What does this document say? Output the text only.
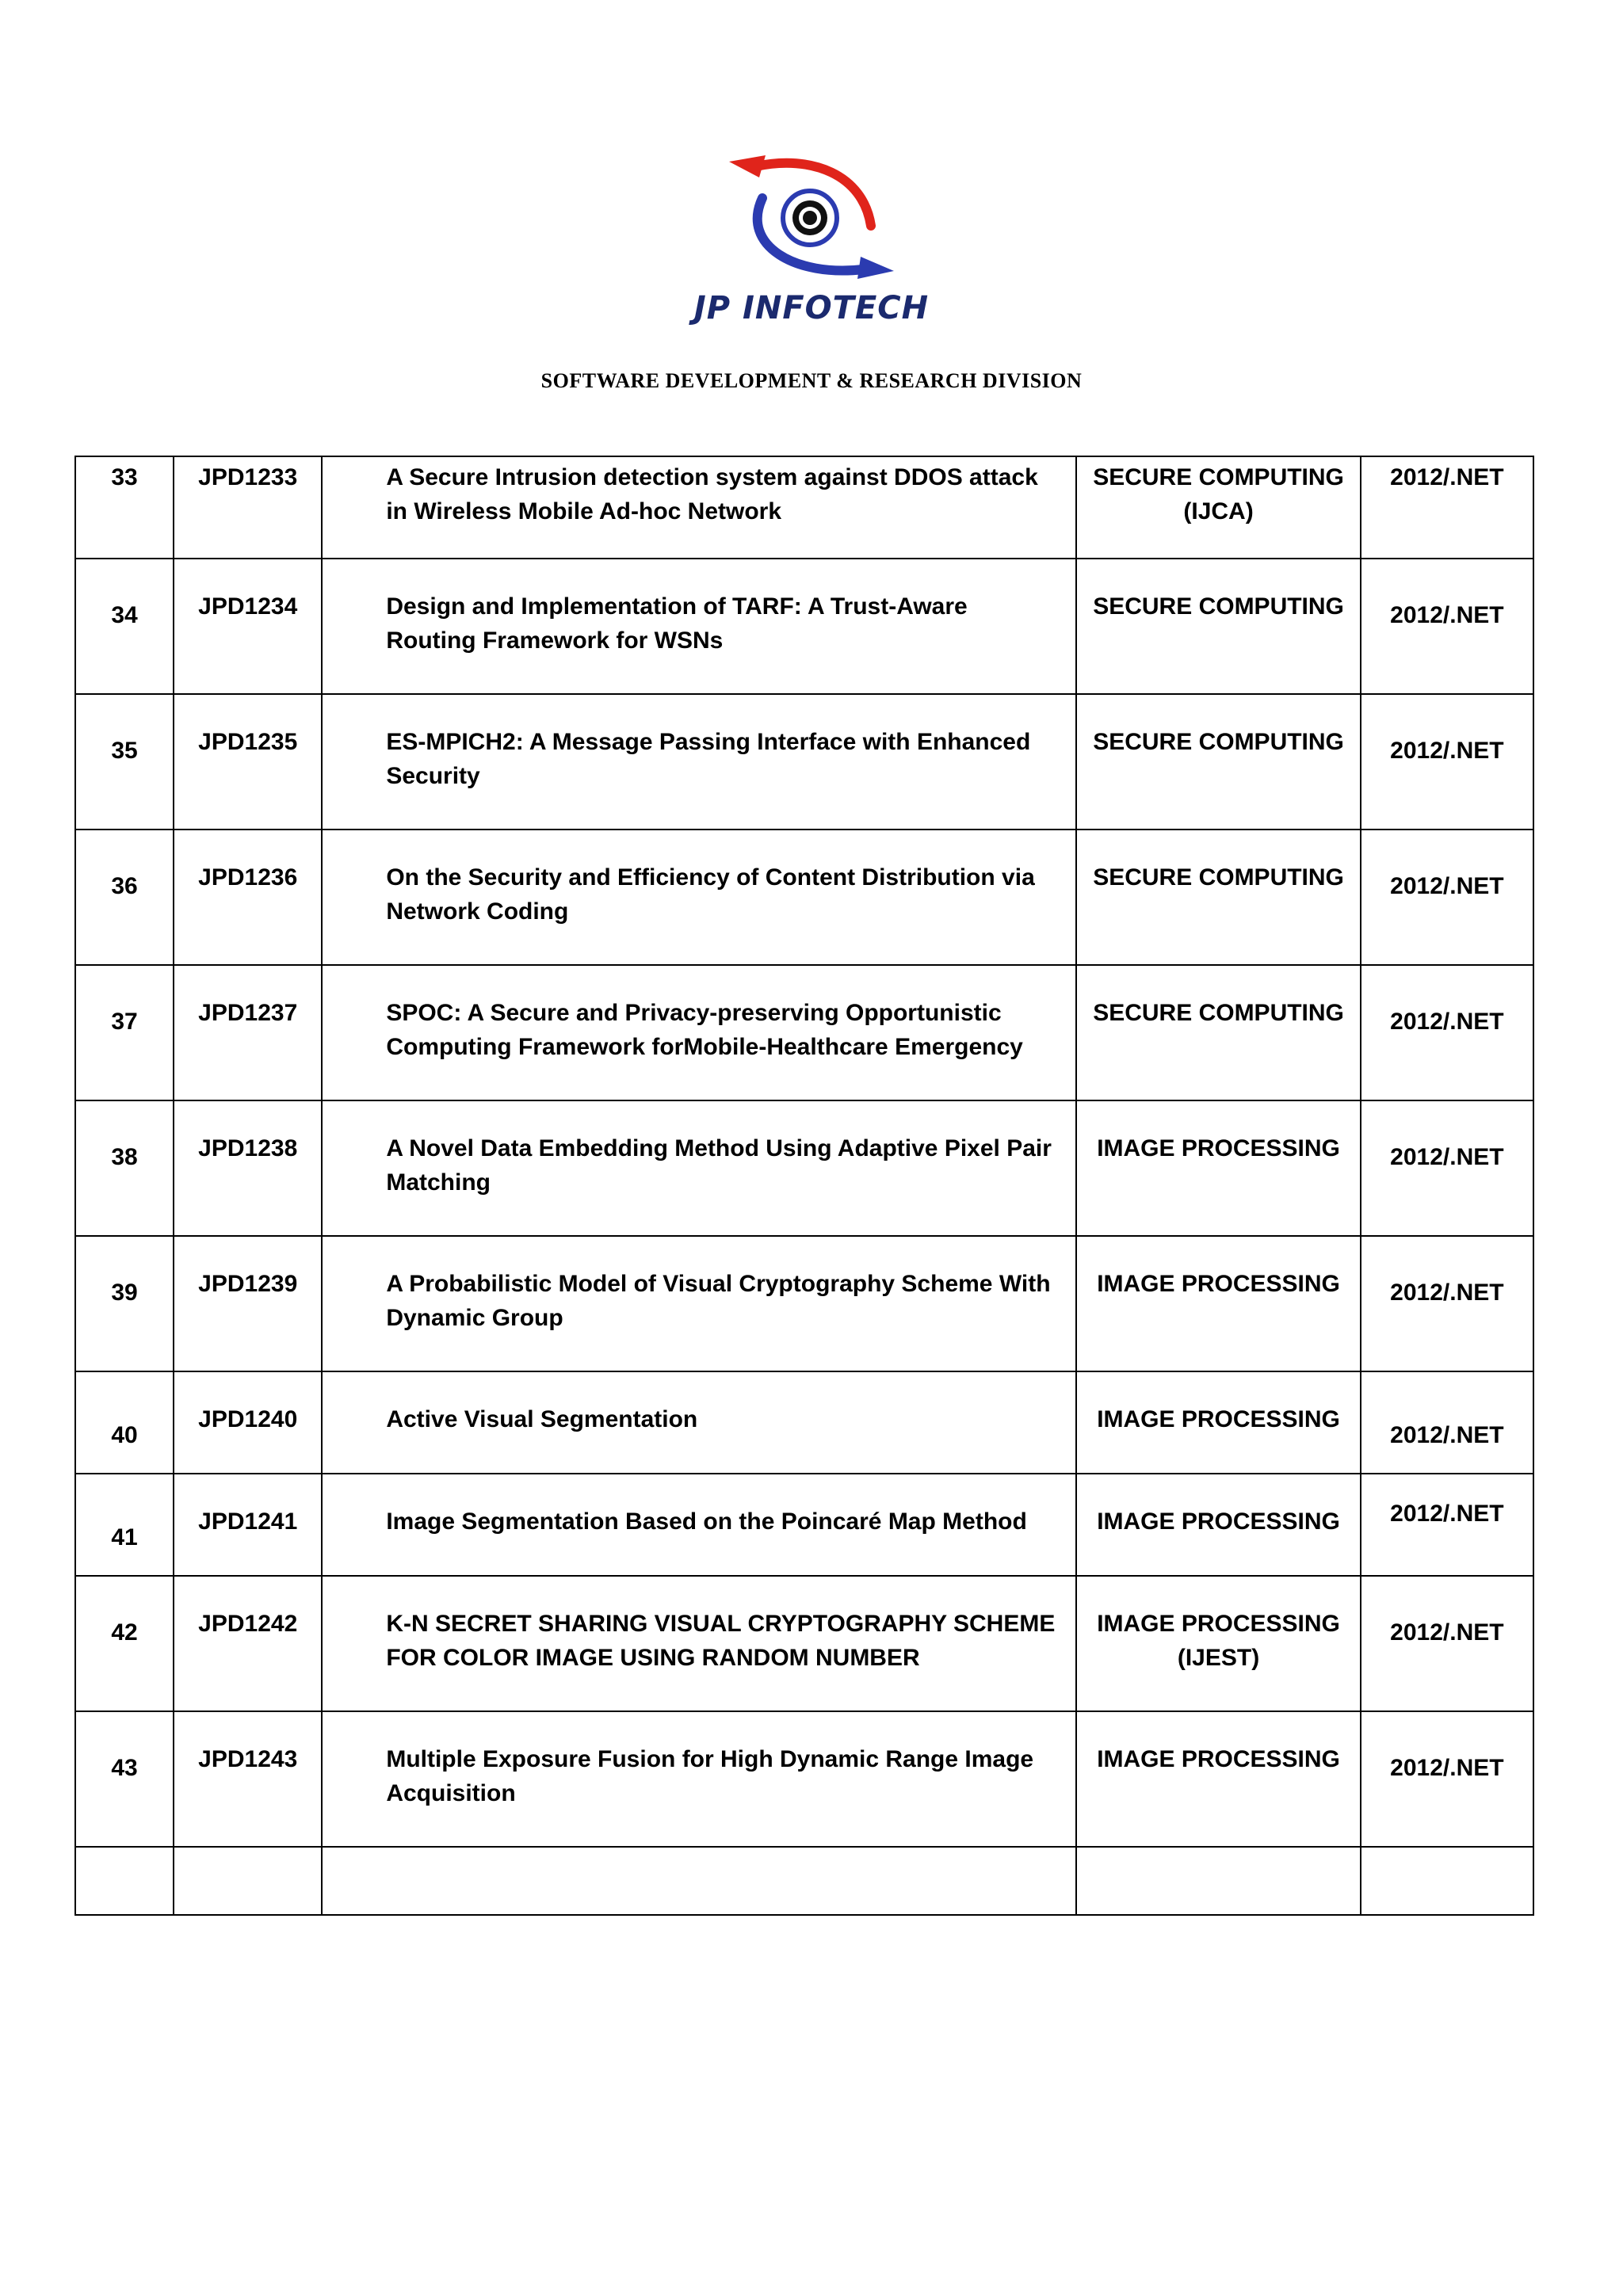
JP INFOTECH
SOFTWARE DEVELOPMENT & RESEARCH DIVISION
33	JPD1233	A Secure Intrusion detection system against DDOS attack in Wireless Mobile Ad-hoc Network	SECURE COMPUTING (IJCA)	2012/.NET

34	JPD1234	Design and Implementation of TARF: A Trust-Aware Routing Framework for WSNs	SECURE COMPUTING	2012/.NET

35	JPD1235	ES-MPICH2: A Message Passing Interface with Enhanced Security	SECURE COMPUTING	2012/.NET

36	JPD1236	On the Security and Efficiency of Content Distribution via Network Coding	SECURE COMPUTING	2012/.NET

37	JPD1237	SPOC: A Secure and Privacy-preserving Opportunistic Computing Framework forMobile-Healthcare Emergency	SECURE COMPUTING	2012/.NET

38	JPD1238	A Novel Data Embedding Method Using Adaptive Pixel Pair Matching	IMAGE PROCESSING	2012/.NET

39	JPD1239	A Probabilistic Model of Visual Cryptography Scheme With Dynamic Group	IMAGE PROCESSING	2012/.NET

40	JPD1240	Active Visual Segmentation	IMAGE PROCESSING	2012/.NET

41	JPD1241	Image Segmentation Based on the Poincaré Map Method	IMAGE PROCESSING	2012/.NET

42	JPD1242	K-N SECRET SHARING VISUAL CRYPTOGRAPHY SCHEME FOR COLOR IMAGE USING RANDOM NUMBER	IMAGE PROCESSING (IJEST)	2012/.NET

43	JPD1243	Multiple Exposure Fusion for High Dynamic Range Image Acquisition	IMAGE PROCESSING	2012/.NET
